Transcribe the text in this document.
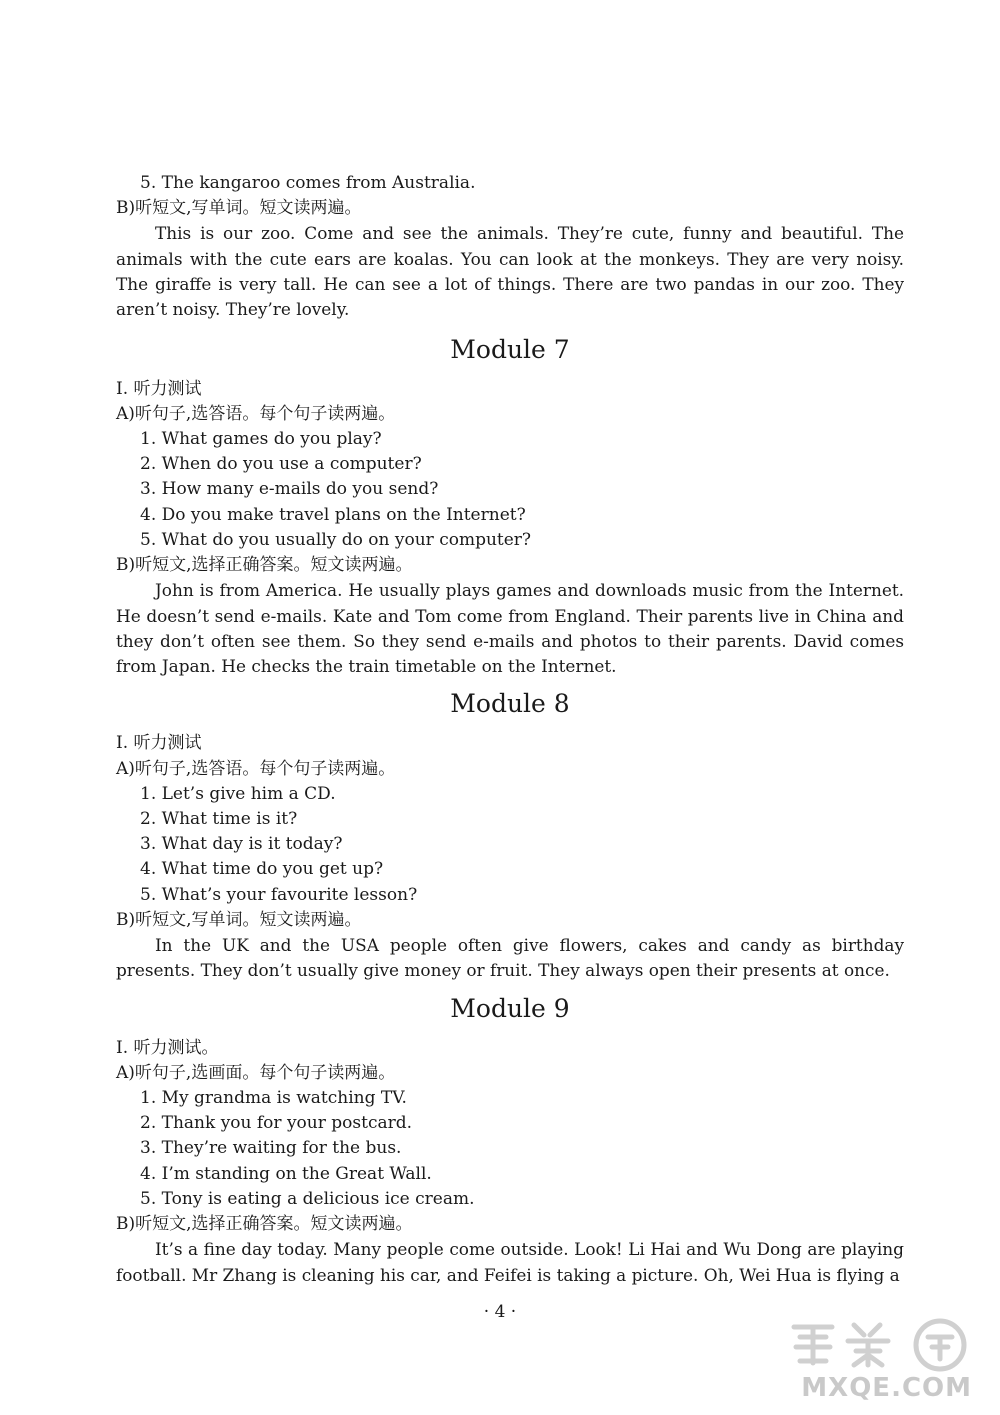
5. The kangaroo comes from Australia.

B)听短文,写单词。短文读两遍。

This is our zoo. Come and see the animals. They’re cute, funny and beautiful. The animals with the cute ears are koalas. You can look at the monkeys. They are very noisy. The giraffe is very tall. He can see a lot of things. There are two pandas in our zoo. They aren’t noisy. They’re lovely.

Module 7

Ⅰ. 听力测试

A)听句子,选答语。每个句子读两遍。

1. What games do you play?

2. When do you use a computer?

3. How many e-mails do you send?

4. Do you make travel plans on the Internet?

5. What do you usually do on your computer?

B)听短文,选择正确答案。短文读两遍。

John is from America. He usually plays games and downloads music from the Internet. He doesn’t send e-mails. Kate and Tom come from England. Their parents live in China and they don’t often see them. So they send e-mails and photos to their parents. David comes from Japan. He checks the train timetable on the Internet.

Module 8

Ⅰ. 听力测试

A)听句子,选答语。每个句子读两遍。

1. Let’s give him a CD.

2. What time is it?

3. What day is it today?

4. What time do you get up?

5. What’s your favourite lesson?

B)听短文,写单词。短文读两遍。

In the UK and the USA people often give flowers, cakes and candy as birthday presents. They don’t usually give money or fruit. They always open their presents at once.

Module 9

Ⅰ. 听力测试。

A)听句子,选画面。每个句子读两遍。

1. My grandma is watching TV.

2. Thank you for your postcard.

3. They’re waiting for the bus.

4. I’m standing on the Great Wall.

5. Tony is eating a delicious ice cream.

B)听短文,选择正确答案。短文读两遍。

It’s a fine day today. Many people come outside. Look! Li Hai and Wu Dong are playing football. Mr Zhang is cleaning his car, and Feifei is taking a picture. Oh, Wei Hua is flying a

· 4 ·
MXQE.COM
